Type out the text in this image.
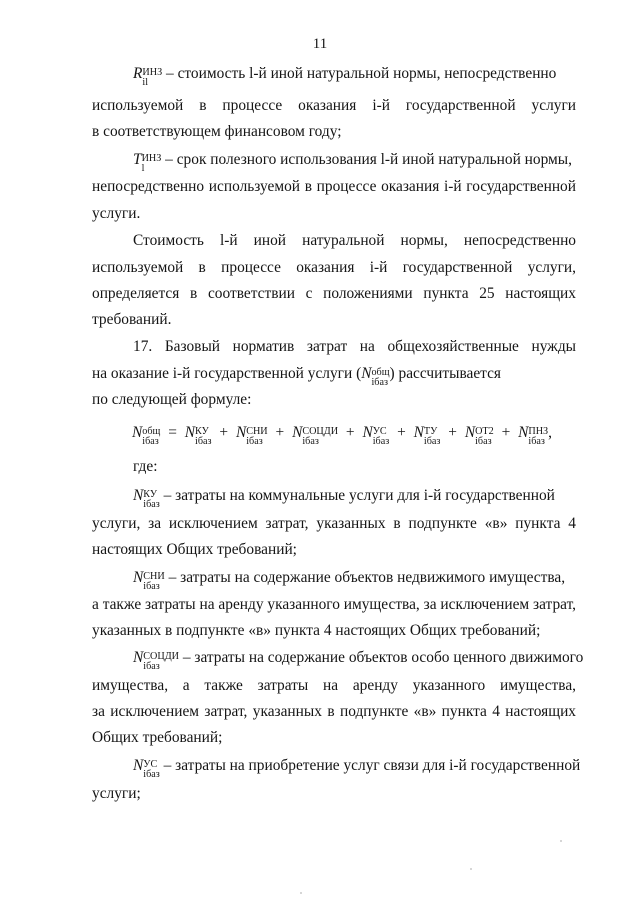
11
R ИНЗ
il
– стоимость l-й иной натуральной нормы, непосредственно
используемой в процессе оказания i-й государственной услуги
в соответствующем финансовом году;
T ИНЗ
l
– срок полезного использования l-й иной натуральной нормы,
непосредственно используемой в процессе оказания i-й государственной
услуги.
Стоимость l-й иной натуральной нормы, непосредственно
используемой в процессе оказания i-й государственной услуги,
определяется в соответствии с положениями пункта 25 настоящих
требований.
17. Базовый норматив затрат на общехозяйственные нужды
на оказание i-й государственной услуги (N общ
iбаз
) рассчитывается
по следующей формуле:
N общ
iбаз
= N КУ
iбаз
+ N СНИ
iбаз
+ N СОЦДИ
iбаз
+ N УС
iбаз
+ N ТУ
iбаз
+ N ОТ2
iбаз
+ N ПНЗ
iбаз
,
где:
N КУ
iбаз
– затраты на коммунальные услуги для i-й государственной
услуги, за исключением затрат, указанных в подпункте «в» пункта 4
настоящих Общих требований;
N СНИ
iбаз
– затраты на содержание объектов недвижимого имущества,
а также затраты на аренду указанного имущества, за исключением затрат,
указанных в подпункте «в» пункта 4 настоящих Общих требований;
N СОЦДИ
iбаз
– затраты на содержание объектов особо ценного движимого
имущества, а также затраты на аренду указанного имущества,
за исключением затрат, указанных в подпункте «в» пункта 4 настоящих
Общих требований;
N УС
iбаз
– затраты на приобретение услуг связи для i-й государственной
услуги;
